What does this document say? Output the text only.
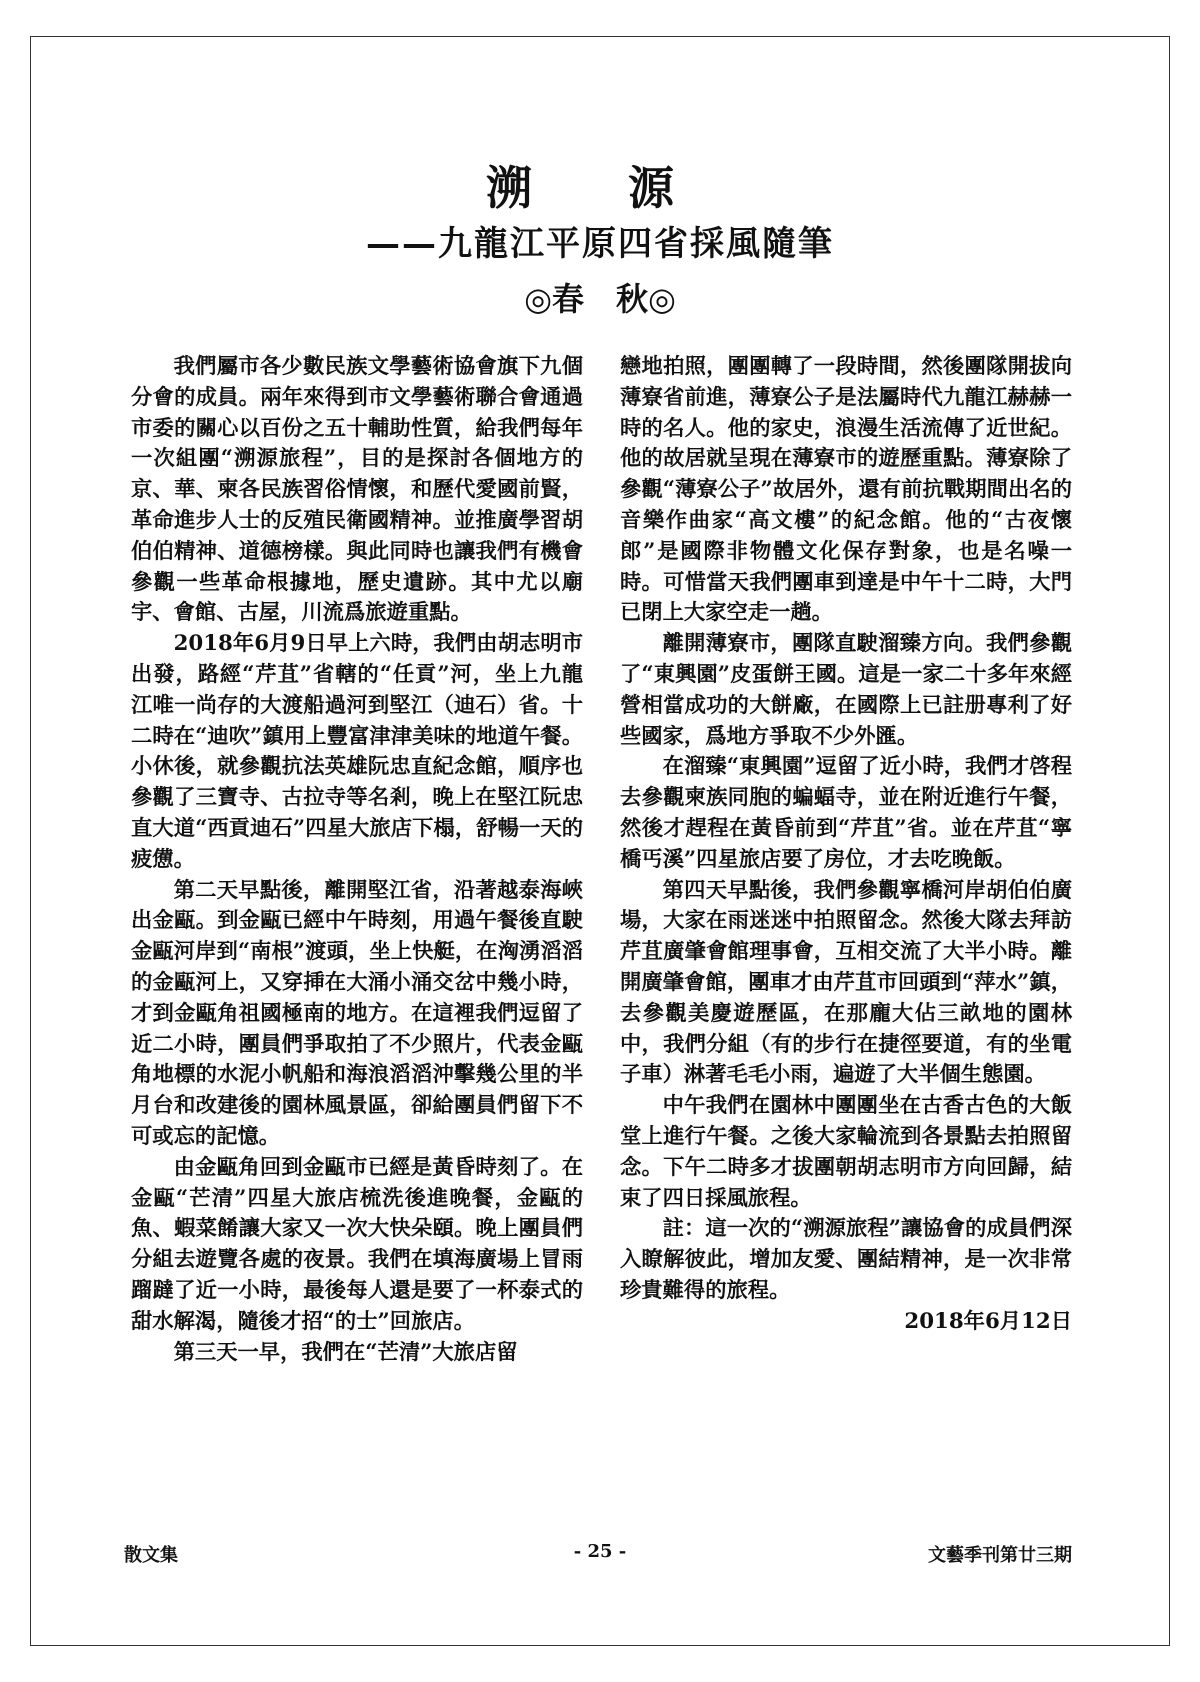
溯 源
——九龍江平原四省採風隨筆
◎春　秋◎

我們屬市各少數民族文學藝術協會旗下九個分會的成員。兩年來得到市文學藝術聯合會通過市委的關心以百份之五十輔助性質，給我們每年一次組團“溯源旅程”，目的是探討各個地方的京、華、柬各民族習俗情懷，和歷代愛國前賢，革命進步人士的反殖民衛國精神。並推廣學習胡伯伯精神、道德榜樣。與此同時也讓我們有機會參觀一些革命根據地，歷史遺跡。其中尤以廟宇、會館、古屋，川流爲旅遊重點。

2018年6月9日早上六時，我們由胡志明市出發，路經“芹苴”省轄的“任貢”河，坐上九龍江唯一尚存的大渡船過河到堅江（迪石）省。十二時在“迪吹”鎮用上豐富津津美味的地道午餐。小休後，就參觀抗法英雄阮忠直紀念館，順序也參觀了三寶寺、古拉寺等名剎，晚上在堅江阮忠直大道“西貢迪石”四星大旅店下榻，舒暢一天的疲憊。

第二天早點後，離開堅江省，沿著越泰海峽出金甌。到金甌已經中午時刻，用過午餐後直駛金甌河岸到“南根”渡頭，坐上快艇，在洶湧滔滔的金甌河上，又穿挿在大涌小涌交岔中幾小時，才到金甌角祖國極南的地方。在這裡我們逗留了近二小時，團員們爭取拍了不少照片，代表金甌角地標的水泥小帆船和海浪滔滔沖擊幾公里的半月台和改建後的園林風景區，卻給團員們留下不可或忘的記憶。

由金甌角回到金甌市已經是黃昏時刻了。在金甌“芒清”四星大旅店梳洗後進晚餐，金甌的魚、蝦菜餚讓大家又一次大快朵頤。晚上團員們分組去遊覽各處的夜景。我們在填海廣場上冒雨蹓躂了近一小時，最後每人還是要了一杯泰式的甜水解渴，隨後才招“的士”回旅店。

第三天一早，我們在“芒清”大旅店留

戀地拍照，團團轉了一段時間，然後團隊開拔向薄寮省前進，薄寮公子是法屬時代九龍江赫赫一時的名人。他的家史，浪漫生活流傳了近世紀。他的故居就呈現在薄寮市的遊歷重點。薄寮除了參觀“薄寮公子”故居外，還有前抗戰期間出名的音樂作曲家“高文樓”的紀念館。他的“古夜懷郎”是國際非物體文化保存對象，也是名噪一時。可惜當天我們團車到達是中午十二時，大門已閉上大家空走一趟。

離開薄寮市，團隊直駛溜臻方向。我們參觀了“東興園”皮蛋餅王國。這是一家二十多年來經營相當成功的大餅廠，在國際上已註册專利了好些國家，爲地方爭取不少外匯。

在溜臻“東興園”逗留了近小時，我們才啓程去參觀柬族同胞的蝙蝠寺，並在附近進行午餐，然後才趕程在黃昏前到“芹苴”省。並在芹苴“寧橋丐溪”四星旅店要了房位，才去吃晚飯。

第四天早點後，我們參觀寧橋河岸胡伯伯廣場，大家在雨迷迷中拍照留念。然後大隊去拜訪芹苴廣肇會館理事會，互相交流了大半小時。離開廣肇會館，團車才由芹苴市回頭到“萍水”鎮，去參觀美慶遊歷區，在那龐大佔三畝地的園林中，我們分組（有的步行在捷徑要道，有的坐電子車）淋著毛毛小雨，遍遊了大半個生態園。

中午我們在園林中團團坐在古香古色的大飯堂上進行午餐。之後大家輪流到各景點去拍照留念。下午二時多才拔團朝胡志明市方向回歸，結束了四日採風旅程。

註：這一次的“溯源旅程”讓協會的成員們深入瞭解彼此，增加友愛、團結精神，是一次非常珍貴難得的旅程。

2018年6月12日

散文集	- 25 -	文藝季刊第廿三期
